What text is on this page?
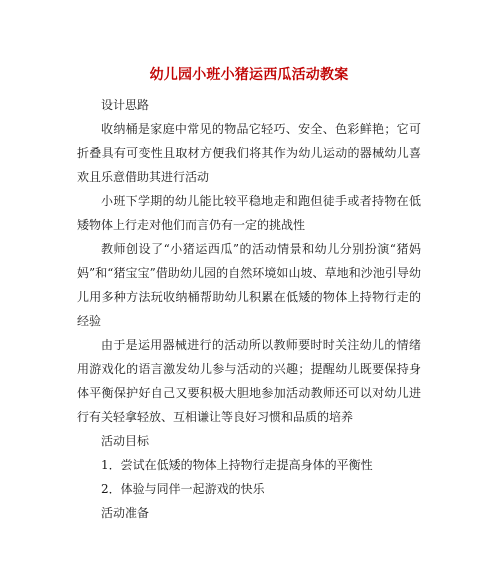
幼儿园小班小猪运西瓜活动教案

设计思路

收纳桶是家庭中常见的物品它轻巧、安全、色彩鲜艳；它可折叠具有可变性且取材方便我们将其作为幼儿运动的器械幼儿喜欢且乐意借助其进行活动

小班下学期的幼儿能比较平稳地走和跑但徒手或者持物在低矮物体上行走对他们而言仍有一定的挑战性

教师创设了“小猪运西瓜”的活动情景和幼儿分别扮演“猪妈妈”和“猪宝宝”借助幼儿园的自然环境如山坡、草地和沙池引导幼儿用多种方法玩收纳桶帮助幼儿积累在低矮的物体上持物行走的经验

由于是运用器械进行的活动所以教师要时时关注幼儿的情绪用游戏化的语言激发幼儿参与活动的兴趣；提醒幼儿既要保持身体平衡保护好自己又要积极大胆地参加活动教师还可以对幼儿进行有关轻拿轻放、互相谦让等良好习惯和品质的培养

活动目标

1．尝试在低矮的物体上持物行走提高身体的平衡性

2．体验与同伴一起游戏的快乐

活动准备
